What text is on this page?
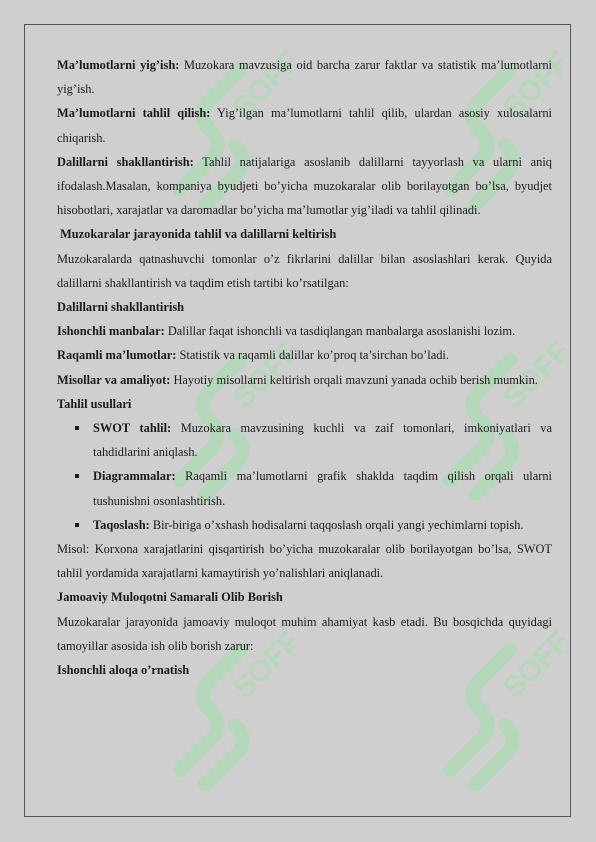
SOFF	SOFF
SOFF	SOFF
SOFF	SOFF

Ma’lumotlarni yig’ish: Muzokara mavzusiga oid barcha zarur faktlar va statistik ma’lumotlarni yig’ish.

Ma’lumotlarni tahlil qilish: Yig’ilgan ma’lumotlarni tahlil qilib, ulardan asosiy xulosalarni chiqarish.

Dalillarni shakllantirish: Tahlil natijalariga asoslanib dalillarni tayyorlash va ularni aniq ifodalash.Masalan, kompaniya byudjeti bo’yicha muzokaralar olib borilayotgan bo’lsa, byudjet hisobotlari, xarajatlar va daromadlar bo’yicha ma’lumotlar yig’iladi va tahlil qilinadi.

Muzokaralar jarayonida tahlil va dalillarni keltirish

Muzokaralarda qatnashuvchi tomonlar o’z fikrlarini dalillar bilan asoslashlari kerak. Quyida dalillarni shakllantirish va taqdim etish tartibi ko’rsatilgan:

Dalillarni shakllantirish

Ishonchli manbalar: Dalillar faqat ishonchli va tasdiqlangan manbalarga asoslanishi lozim.

Raqamli ma’lumotlar: Statistik va raqamli dalillar ko’proq ta’sirchan bo’ladi.

Misollar va amaliyot: Hayotiy misollarni keltirish orqali mavzuni yanada ochib berish mumkin.

Tahlil usullari

SWOT tahlil: Muzokara mavzusining kuchli va zaif tomonlari, imkoniyatlari va tahdidlarini aniqlash.
Diagrammalar: Raqamli ma’lumotlarni grafik shaklda taqdim qilish orqali ularni tushunishni osonlashtirish.
Taqoslash: Bir-biriga o’xshash hodisalarni taqqoslash orqali yangi yechimlarni topish.

Misol: Korxona xarajatlarini qisqartirish bo’yicha muzokaralar olib borilayotgan bo’lsa, SWOT tahlil yordamida xarajatlarni kamaytirish yo’nalishlari aniqlanadi.

Jamoaviy Muloqotni Samarali Olib Borish

Muzokaralar jarayonida jamoaviy muloqot muhim ahamiyat kasb etadi. Bu bosqichda quyidagi tamoyillar asosida ish olib borish zarur:

Ishonchli aloqa o’rnatish
